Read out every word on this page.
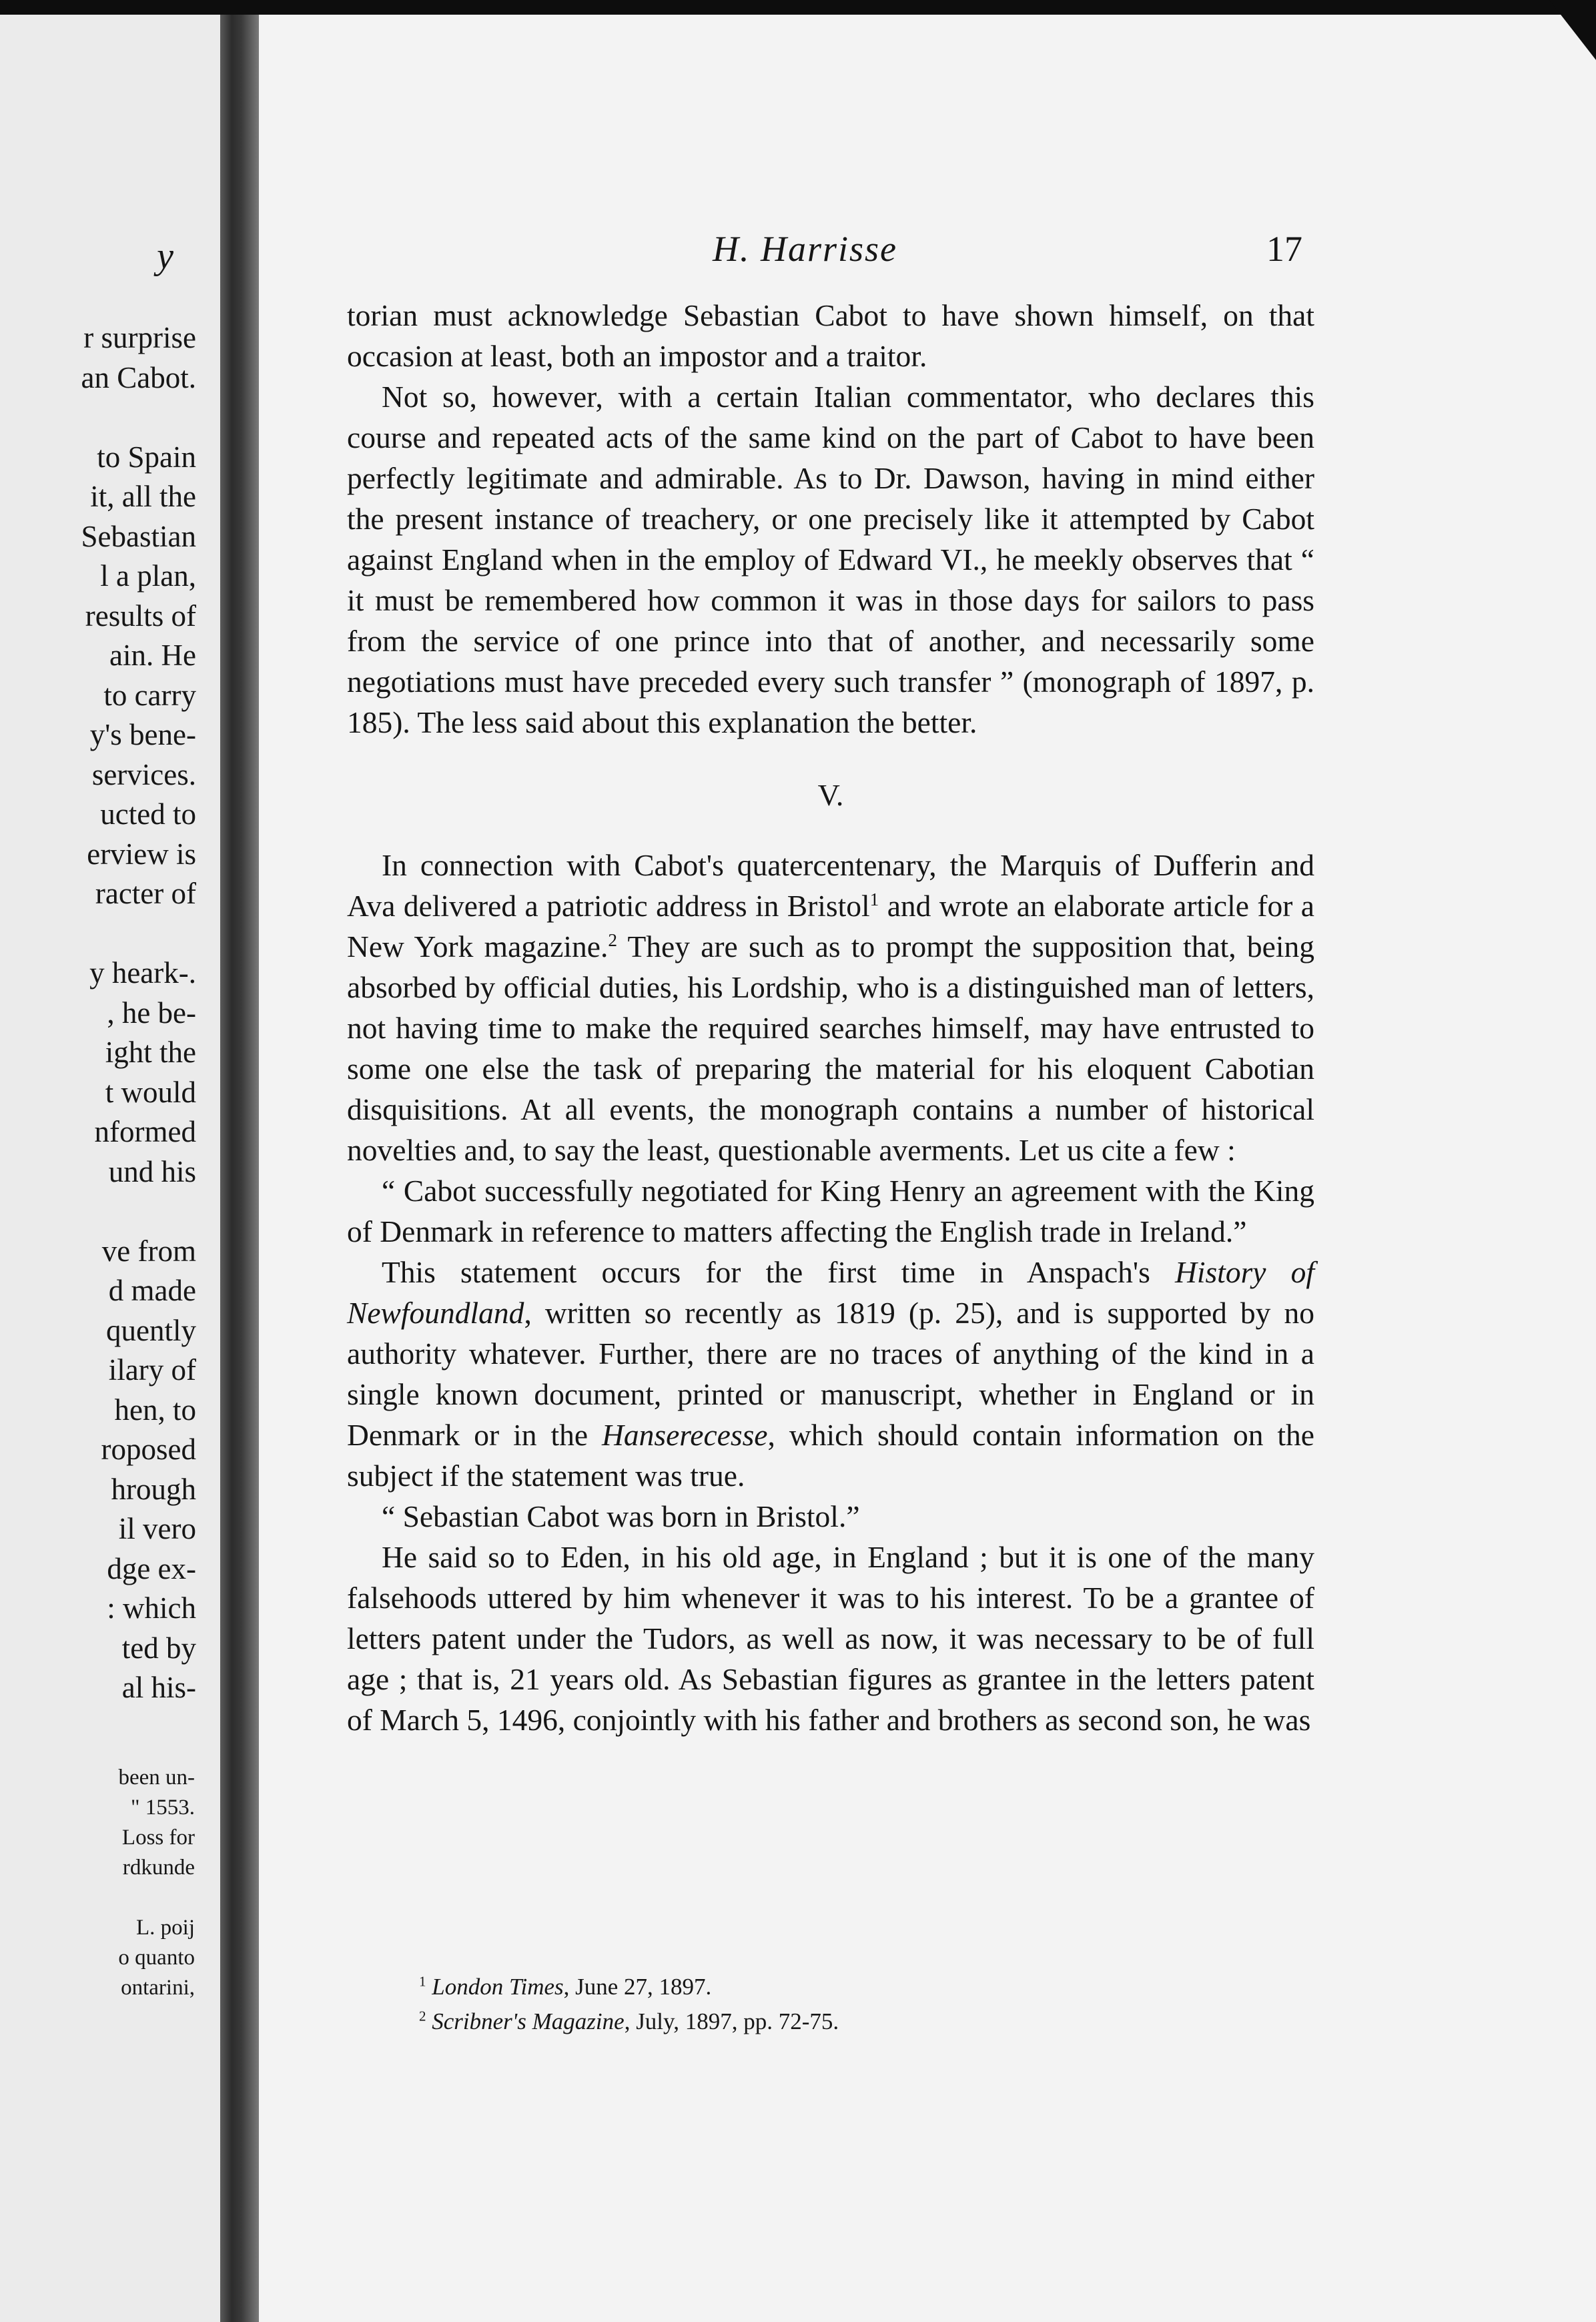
y
r surprise
an Cabot.
to Spain
it, all the
Sebastian
l a plan,
results of
ain. He
to carry
y's bene-
services.
ucted to
erview is
racter of
y heark-.
, he be-
ight the
t would
nformed
und his
ve from
d made
quently
ilary of
hen, to
roposed
hrough
il vero
dge ex-
: which
ted by
al his-
been un-
" 1553.
Loss for
rdkunde
L. poij
o quanto
ontarini,
H. Harrisse	17

torian must acknowledge Sebastian Cabot to have shown himself, on that occasion at least, both an impostor and a traitor.

Not so, however, with a certain Italian commentator, who declares this course and repeated acts of the same kind on the part of Cabot to have been perfectly legitimate and admirable. As to Dr. Dawson, having in mind either the present instance of treachery, or one precisely like it attempted by Cabot against England when in the employ of Edward VI., he meekly observes that “ it must be remembered how common it was in those days for sailors to pass from the service of one prince into that of another, and necessarily some negotiations must have preceded every such transfer ” (monograph of 1897, p. 185). The less said about this explanation the better.

V.

In connection with Cabot's quatercentenary, the Marquis of Dufferin and Ava delivered a patriotic address in Bristol$^1$ and wrote an elaborate article for a New York magazine.$^2$ They are such as to prompt the supposition that, being absorbed by official duties, his Lordship, who is a distinguished man of letters, not having time to make the required searches himself, may have entrusted to some one else the task of preparing the material for his eloquent Cabotian disquisitions. At all events, the monograph contains a number of historical novelties and, to say the least, questionable averments. Let us cite a few :

“ Cabot successfully negotiated for King Henry an agreement with the King of Denmark in reference to matters affecting the English trade in Ireland.”

This statement occurs for the first time in Anspach's History of Newfoundland, written so recently as 1819 (p. 25), and is supported by no authority whatever. Further, there are no traces of anything of the kind in a single known document, printed or manuscript, whether in England or in Denmark or in the Hanserecesse, which should contain information on the subject if the statement was true.

“ Sebastian Cabot was born in Bristol.”

He said so to Eden, in his old age, in England ; but it is one of the many falsehoods uttered by him whenever it was to his interest. To be a grantee of letters patent under the Tudors, as well as now, it was necessary to be of full age ; that is, 21 years old. As Sebastian figures as grantee in the letters patent of March 5, 1496, conjointly with his father and brothers as second son, he was

$^1$ London Times, June 27, 1897.
$^2$ Scribner's Magazine, July, 1897, pp. 72-75.
